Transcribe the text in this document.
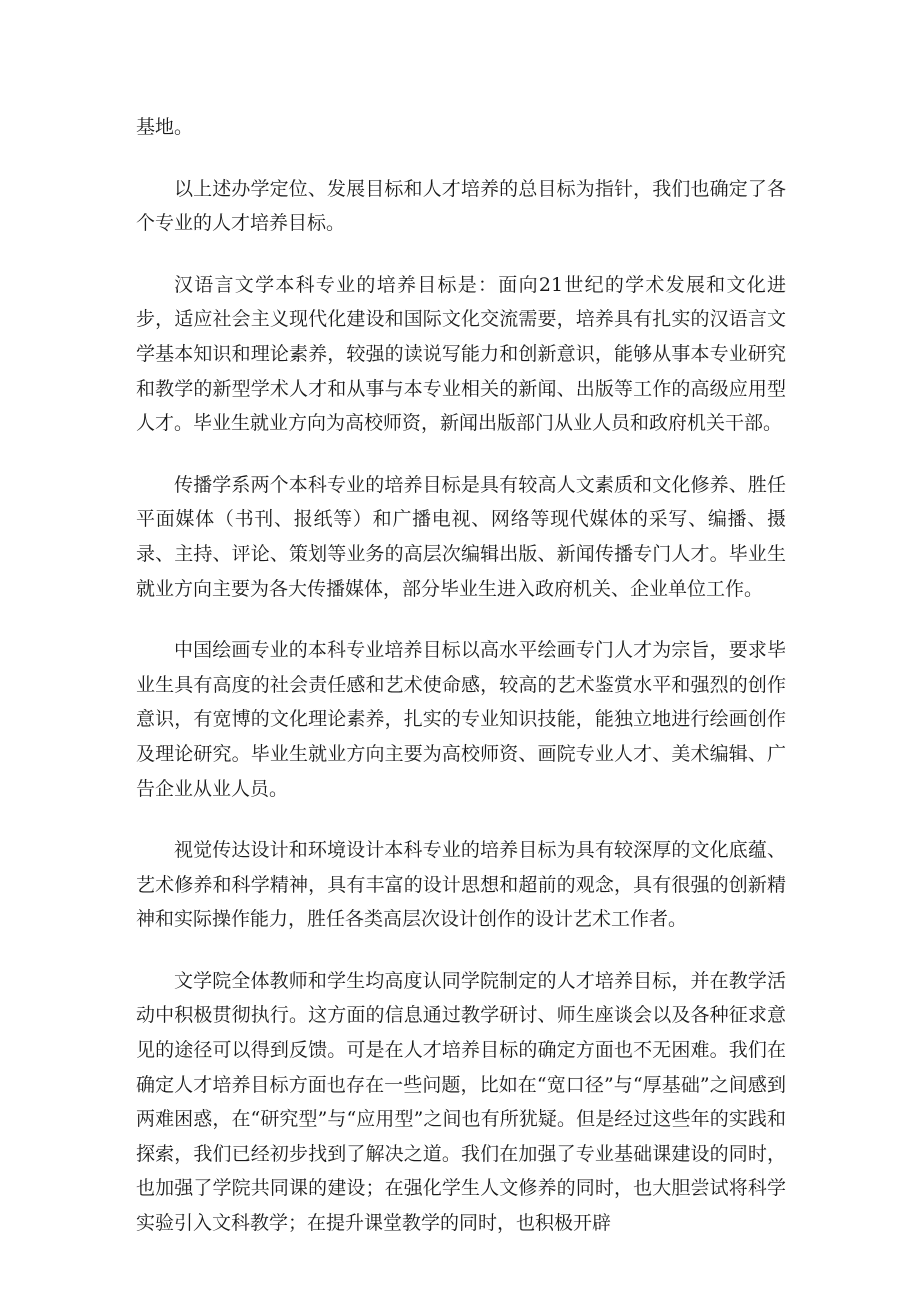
基地。

以上述办学定位、发展目标和人才培养的总目标为指针，我们也确定了各个专业的人才培养目标。

汉语言文学本科专业的培养目标是：面向21世纪的学术发展和文化进步，适应社会主义现代化建设和国际文化交流需要，培养具有扎实的汉语言文学基本知识和理论素养，较强的读说写能力和创新意识，能够从事本专业研究和教学的新型学术人才和从事与本专业相关的新闻、出版等工作的高级应用型人才。毕业生就业方向为高校师资，新闻出版部门从业人员和政府机关干部。

传播学系两个本科专业的培养目标是具有较高人文素质和文化修养、胜任平面媒体（书刊、报纸等）和广播电视、网络等现代媒体的采写、编播、摄录、主持、评论、策划等业务的高层次编辑出版、新闻传播专门人才。毕业生就业方向主要为各大传播媒体，部分毕业生进入政府机关、企业单位工作。

中国绘画专业的本科专业培养目标以高水平绘画专门人才为宗旨，要求毕业生具有高度的社会责任感和艺术使命感，较高的艺术鉴赏水平和强烈的创作意识，有宽博的文化理论素养，扎实的专业知识技能，能独立地进行绘画创作及理论研究。毕业生就业方向主要为高校师资、画院专业人才、美术编辑、广告企业从业人员。

视觉传达设计和环境设计本科专业的培养目标为具有较深厚的文化底蕴、艺术修养和科学精神，具有丰富的设计思想和超前的观念，具有很强的创新精神和实际操作能力，胜任各类高层次设计创作的设计艺术工作者。

文学院全体教师和学生均高度认同学院制定的人才培养目标，并在教学活动中积极贯彻执行。这方面的信息通过教学研讨、师生座谈会以及各种征求意见的途径可以得到反馈。可是在人才培养目标的确定方面也不无困难。我们在确定人才培养目标方面也存在一些问题，比如在“宽口径”与“厚基础”之间感到两难困惑，在“研究型”与“应用型”之间也有所犹疑。但是经过这些年的实践和探索，我们已经初步找到了解决之道。我们在加强了专业基础课建设的同时，也加强了学院共同课的建设；在强化学生人文修养的同时，也大胆尝试将科学实验引入文科教学；在提升课堂教学的同时，也积极开辟
